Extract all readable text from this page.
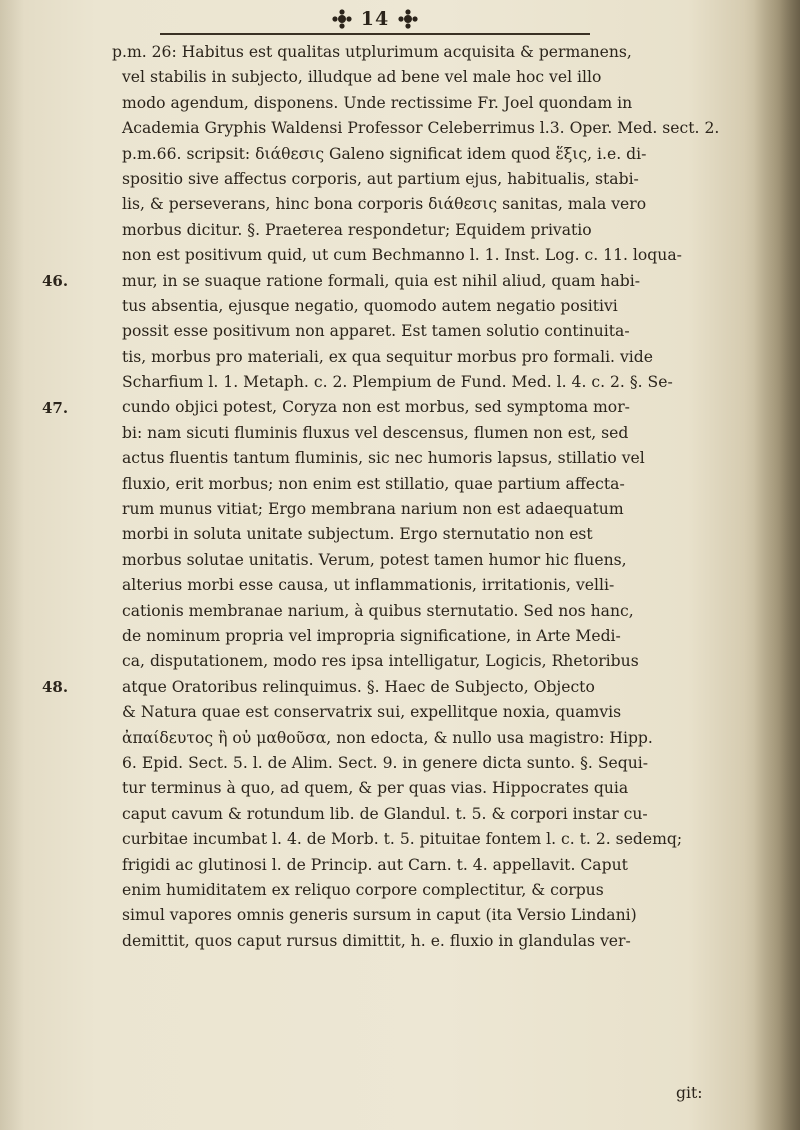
14
46.
47.
48.
p.m. 26: Habitus est qualitas utplurimum acquisita & permanens,
vel stabilis in subjecto, illudque ad bene vel male hoc vel illo
modo agendum, disponens. Unde rectissime Fr. Joel quondam in
Academia Gryphis Waldensi Professor Celeberrimus l.3. Oper. Med. sect. 2.
p.m.66. scripsit: διάθεσις Galeno significat idem quod ἕξις, i.e. di-
spositio sive affectus corporis, aut partium ejus, habitualis, stabi-
lis, & perseverans, hinc bona corporis διάθεσις sanitas, mala vero
morbus dicitur. §. Praeterea respondetur; Equidem privatio
non est positivum quid, ut cum Bechmanno l. 1. Inst. Log. c. 11. loqua-
mur, in se suaque ratione formali, quia est nihil aliud, quam habi-
tus absentia, ejusque negatio, quomodo autem negatio positivi
possit esse positivum non apparet. Est tamen solutio continuita-
tis, morbus pro materiali, ex qua sequitur morbus pro formali. vide
Scharfium l. 1. Metaph. c. 2. Plempium de Fund. Med. l. 4. c. 2. §. Se-
cundo objici potest, Coryza non est morbus, sed symptoma mor-
bi: nam sicuti fluminis fluxus vel descensus, flumen non est, sed
actus fluentis tantum fluminis, sic nec humoris lapsus, stillatio vel
fluxio, erit morbus; non enim est stillatio, quae partium affecta-
rum munus vitiat; Ergo membrana narium non est adaequatum
morbi in soluta unitate subjectum. Ergo sternutatio non est
morbus solutae unitatis. Verum, potest tamen humor hic fluens,
alterius morbi esse causa, ut inflammationis, irritationis, velli-
cationis membranae narium, à quibus sternutatio. Sed nos hanc,
de nominum propria vel impropria significatione, in Arte Medi-
ca, disputationem, modo res ipsa intelligatur, Logicis, Rhetoribus
atque Oratoribus relinquimus. §. Haec de Subjecto, Objecto
& Natura quae est conservatrix sui, expellitque noxia, quamvis
ἀπαίδευτος ἢ οὐ μαθοῦσα, non edocta, & nullo usa magistro: Hipp.
6. Epid. Sect. 5. l. de Alim. Sect. 9. in genere dicta sunto. §. Sequi-
tur terminus à quo, ad quem, & per quas vias. Hippocrates quia
caput cavum & rotundum lib. de Glandul. t. 5. & corpori instar cu-
curbitae incumbat l. 4. de Morb. t. 5. pituitae fontem l. c. t. 2. sedemq;
frigidi ac glutinosi l. de Princip. aut Carn. t. 4. appellavit. Caput
enim humiditatem ex reliquo corpore complectitur, & corpus
simul vapores omnis generis sursum in caput (ita Versio Lindani)
demittit, quos caput rursus dimittit, h. e. fluxio in glandulas ver-
git:
